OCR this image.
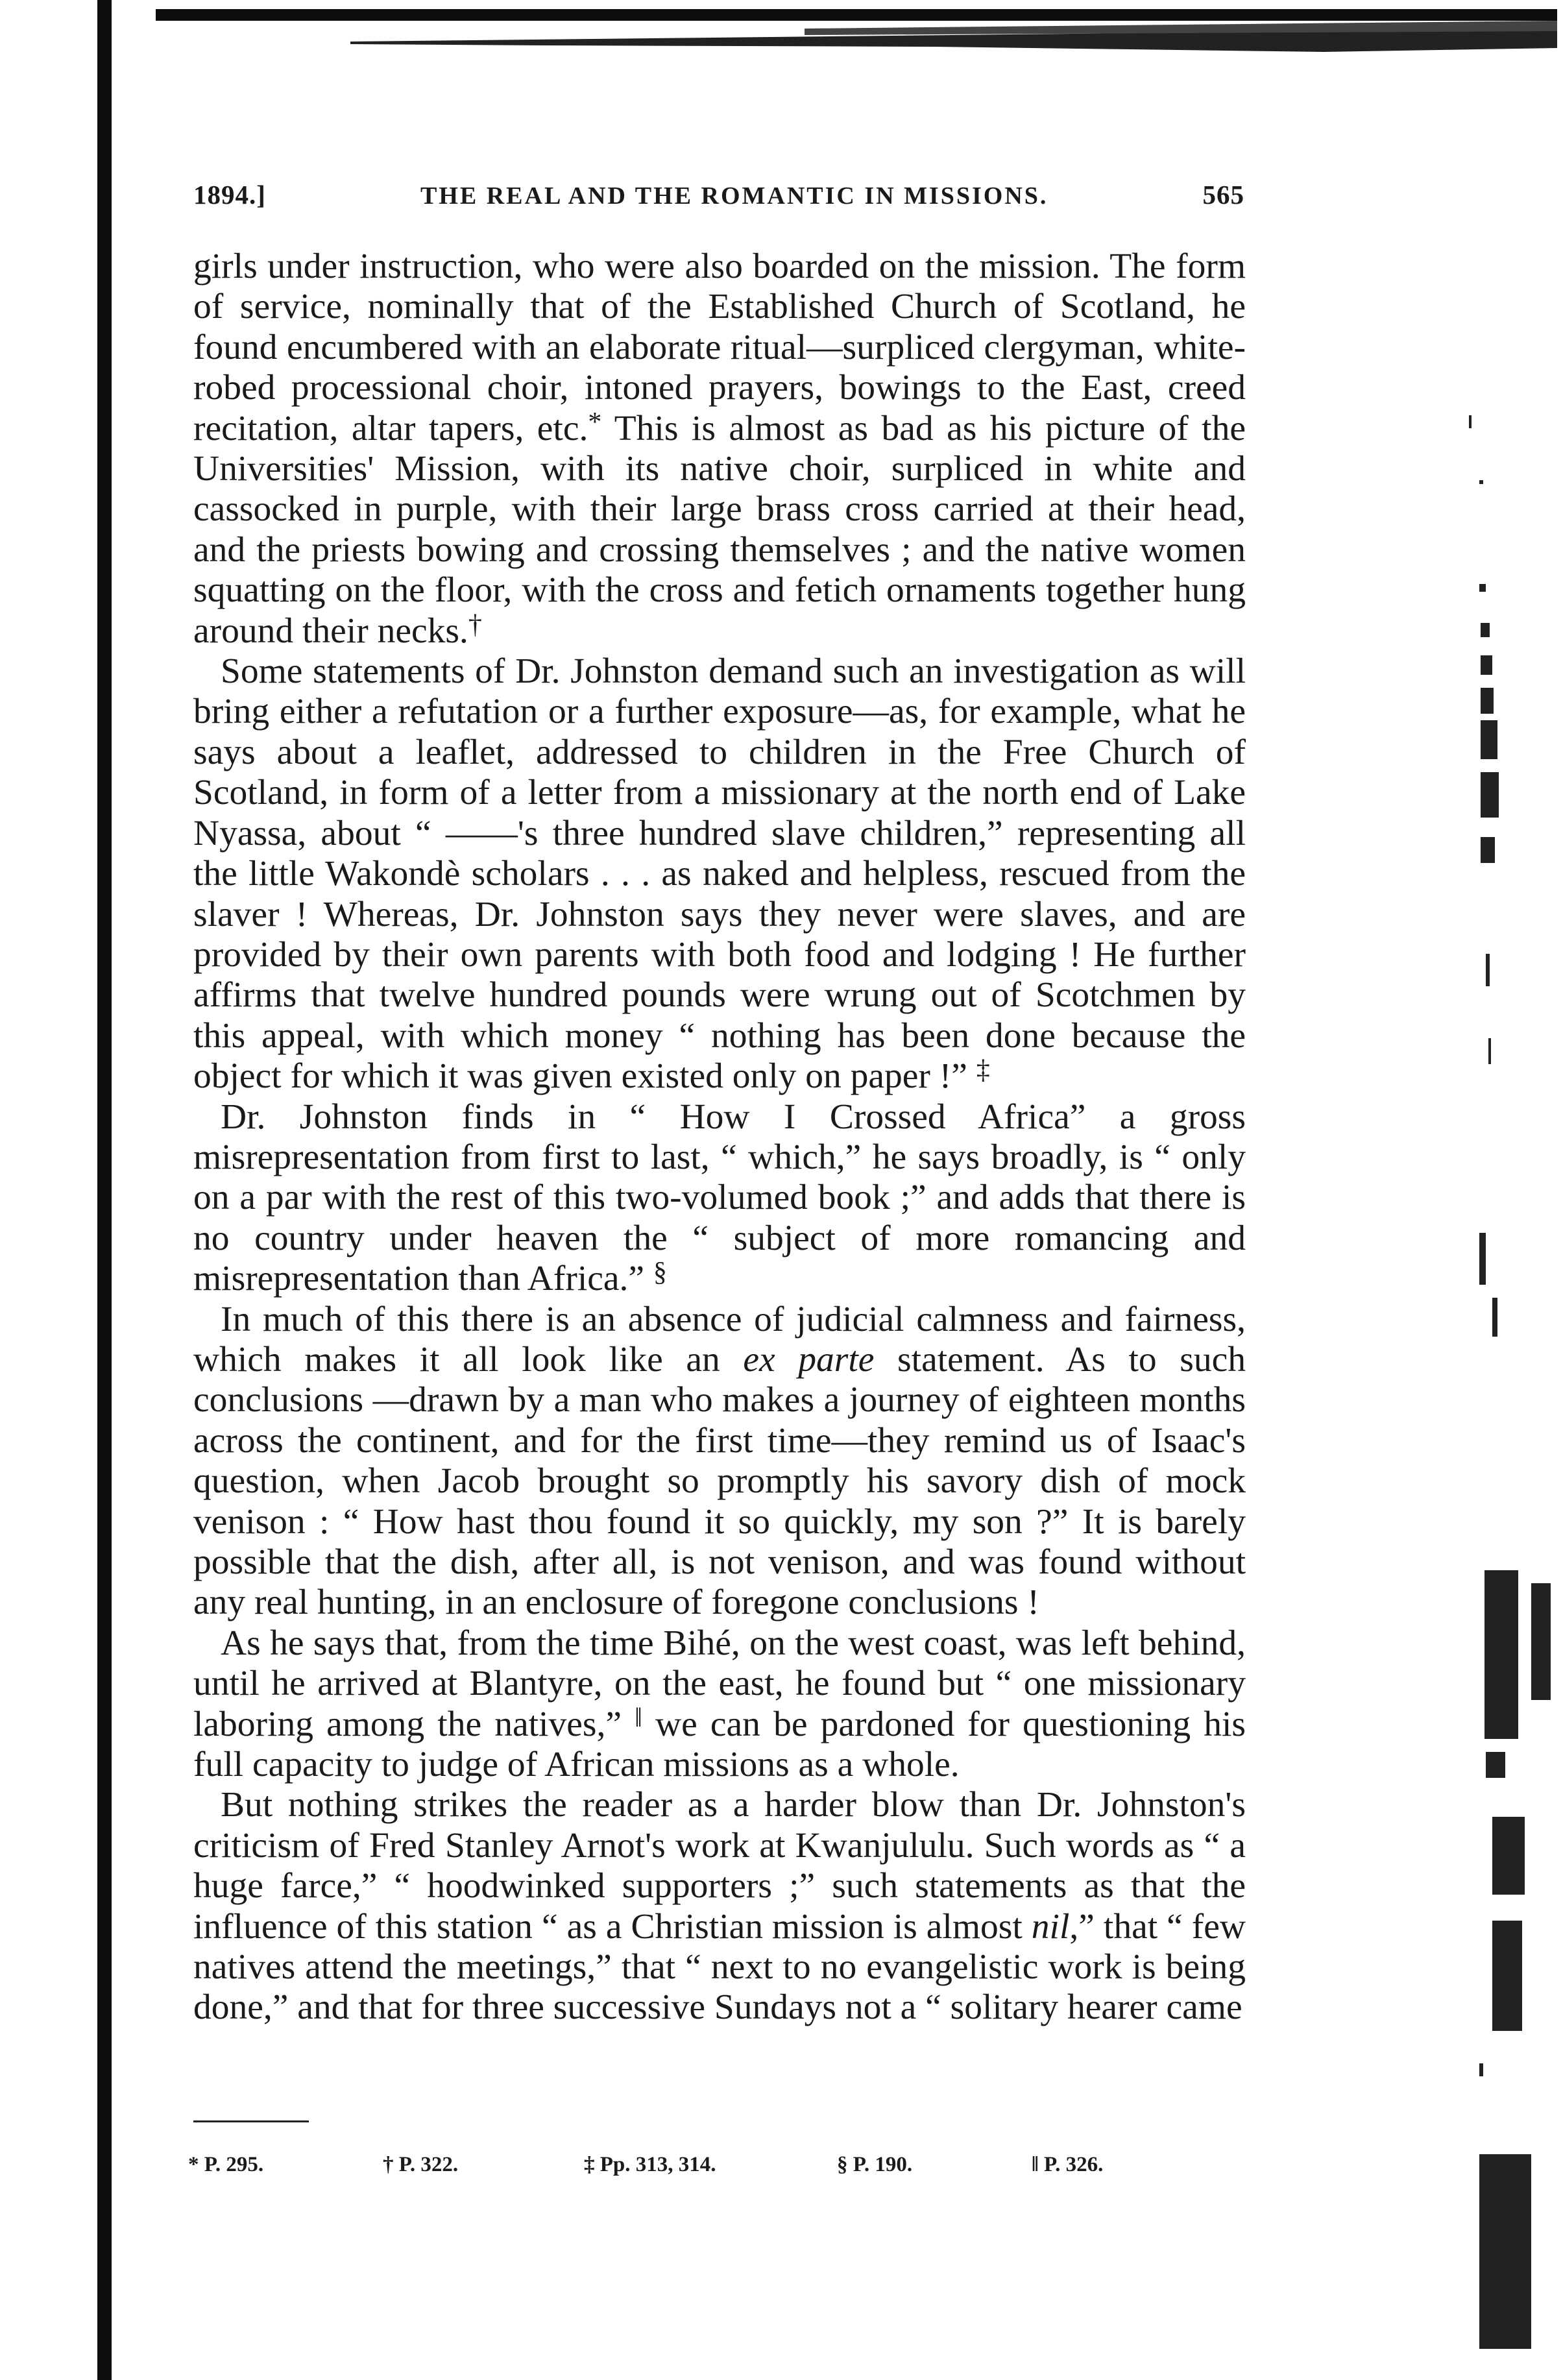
1894.]	THE REAL AND THE ROMANTIC IN MISSIONS.	565

girls under instruction, who were also boarded on the mission. The form of service, nominally that of the Established Church of Scotland, he found encumbered with an elaborate ritual—surpliced clergyman, white-robed processional choir, intoned prayers, bowings to the East, creed recitation, altar tapers, etc.* This is almost as bad as his picture of the Universities' Mission, with its native choir, surpliced in white and cassocked in purple, with their large brass cross carried at their head, and the priests bowing and crossing themselves ; and the native women squatting on the floor, with the cross and fetich ornaments together hung around their necks.†

Some statements of Dr. Johnston demand such an investigation as will bring either a refutation or a further exposure—as, for example, what he says about a leaflet, addressed to children in the Free Church of Scotland, in form of a letter from a missionary at the north end of Lake Nyassa, about “ ——'s three hundred slave children,” representing all the little Wakondè scholars . . . as naked and helpless, rescued from the slaver ! Whereas, Dr. Johnston says they never were slaves, and are provided by their own parents with both food and lodging ! He further affirms that twelve hundred pounds were wrung out of Scotchmen by this appeal, with which money “ nothing has been done because the object for which it was given existed only on paper !” ‡

Dr. Johnston finds in “ How I Crossed Africa” a gross misrepresentation from first to last, “ which,” he says broadly, is “ only on a par with the rest of this two-volumed book ;” and adds that there is no country under heaven the “ subject of more romancing and misrepresentation than Africa.” §

In much of this there is an absence of judicial calmness and fairness, which makes it all look like an ex parte statement. As to such conclusions —drawn by a man who makes a journey of eighteen months across the continent, and for the first time—they remind us of Isaac's question, when Jacob brought so promptly his savory dish of mock venison : “ How hast thou found it so quickly, my son ?” It is barely possible that the dish, after all, is not venison, and was found without any real hunting, in an enclosure of foregone conclusions !

As he says that, from the time Bihé, on the west coast, was left behind, until he arrived at Blantyre, on the east, he found but “ one missionary laboring among the natives,” ‖ we can be pardoned for questioning his full capacity to judge of African missions as a whole.

But nothing strikes the reader as a harder blow than Dr. Johnston's criticism of Fred Stanley Arnot's work at Kwanjululu. Such words as “ a huge farce,” “ hoodwinked supporters ;” such statements as that the influence of this station “ as a Christian mission is almost nil,” that “ few natives attend the meetings,” that “ next to no evangelistic work is being done,” and that for three successive Sundays not a “ solitary hearer came

* P. 295.	† P. 322.	‡ Pp. 313, 314.	§ P. 190.	‖ P. 326.
